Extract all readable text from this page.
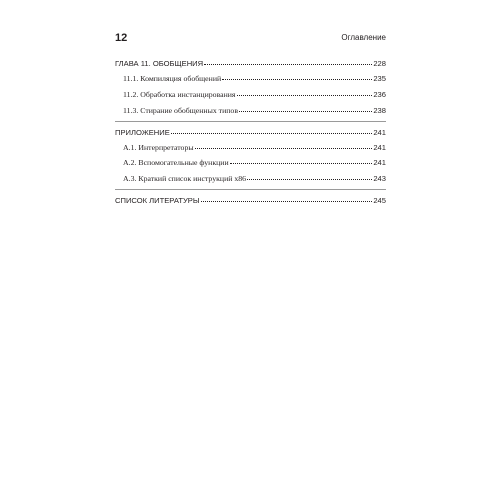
12	Оглавление
ГЛАВА 11. ОБОБЩЕНИЯ	228
11.1. Компиляция обобщений	235
11.2. Обработка инстанцирования	236
11.3. Стирание обобщенных типов	238
ПРИЛОЖЕНИЕ	241
А.1. Интерпретаторы	241
А.2. Вспомогательные функции	241
А.3. Краткий список инструкций x86	243
СПИСОК ЛИТЕРАТУРЫ	245
